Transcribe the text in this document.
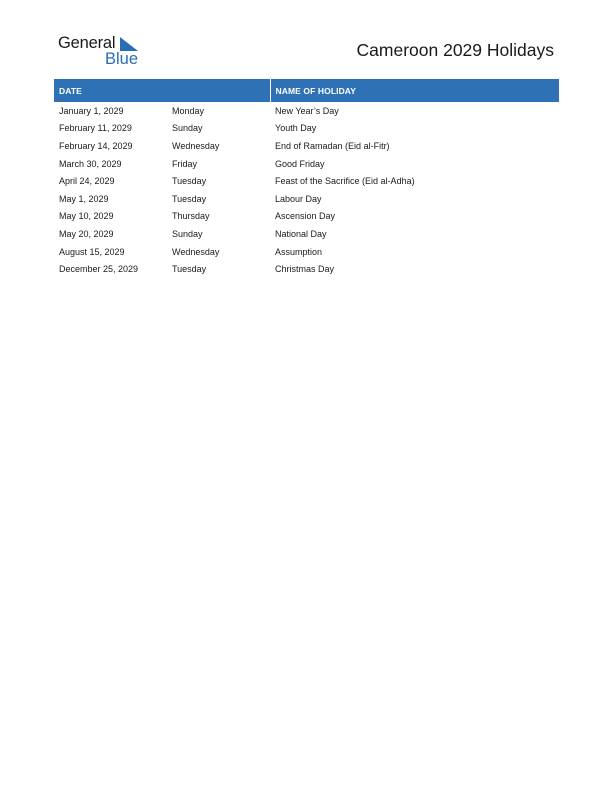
General
Blue	Cameroon 2029 Holidays
DATE		NAME OF HOLIDAY
January 1, 2029	Monday	New Year’s Day
February 11, 2029	Sunday	Youth Day
February 14, 2029	Wednesday	End of Ramadan (Eid al-Fitr)
March 30, 2029	Friday	Good Friday
April 24, 2029	Tuesday	Feast of the Sacrifice (Eid al-Adha)
May 1, 2029	Tuesday	Labour Day
May 10, 2029	Thursday	Ascension Day
May 20, 2029	Sunday	National Day
August 15, 2029	Wednesday	Assumption
December 25, 2029	Tuesday	Christmas Day
